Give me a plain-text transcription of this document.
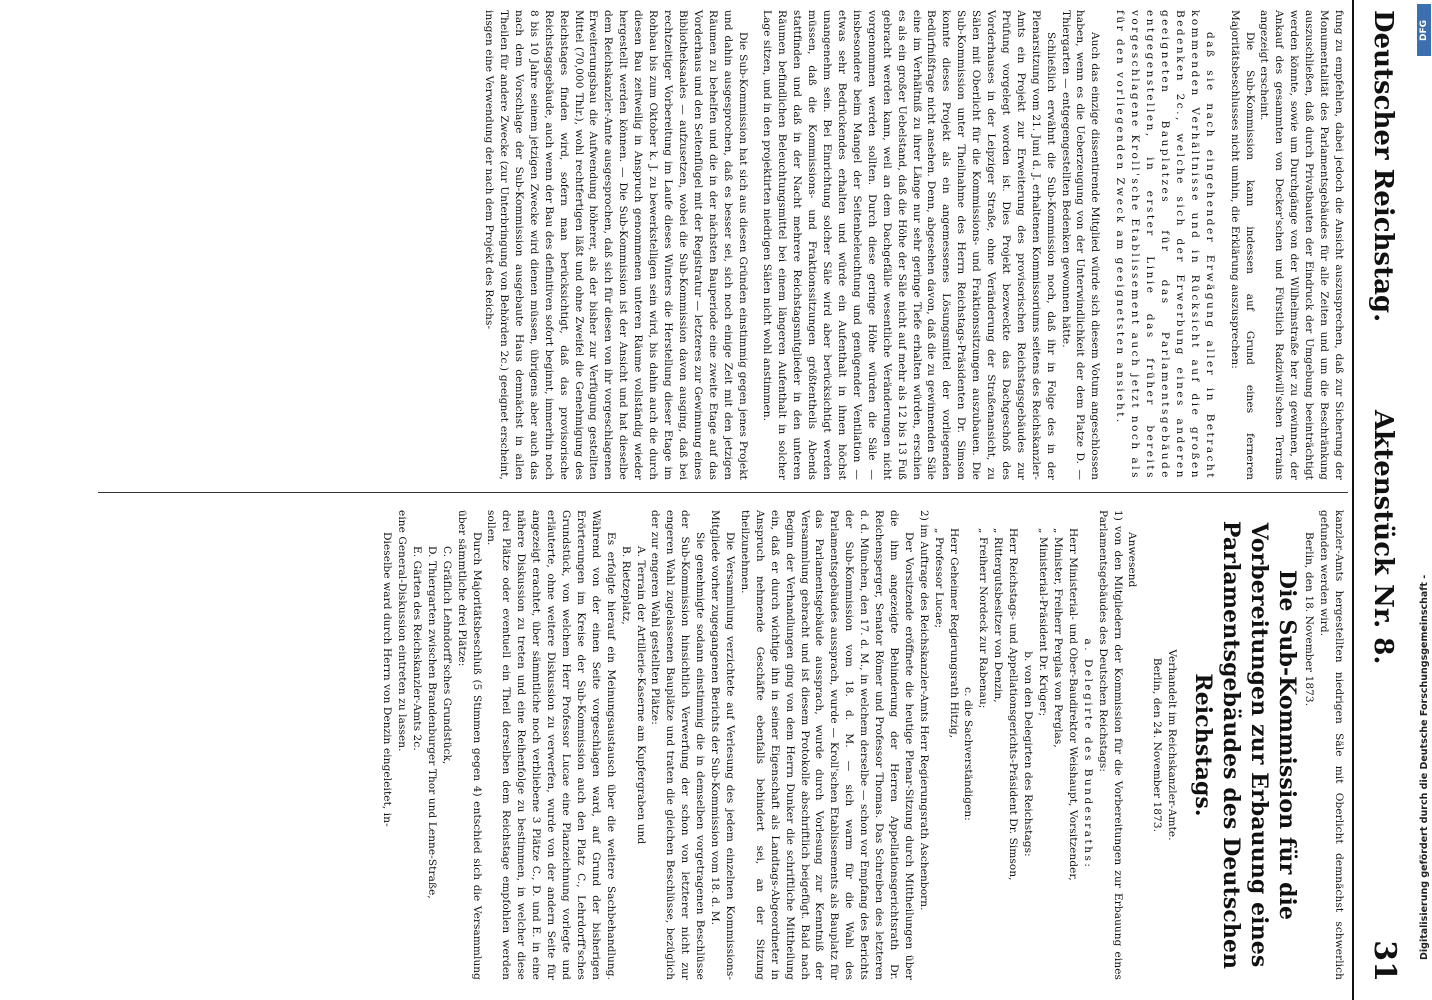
Deutscher Reichstag.
Aktenstück Nr. 8.
31

fung zu empfehlen, dabei jedoch die Ansicht auszusprechen, daß zur Sicherung der Monumentalität des Parlamentsgebäudes für alle Zeiten und um die Beschränkung auszuschließen, daß durch Privatbauten der Eindruck der Umgebung beeinträchtigt werden könnte, sowie um Durchgänge von der Wilhelmstraße her zu gewinnen, der Ankauf des gesammten von Decker'schen und Fürstlich Radziwill'schen Terrains angezeigt erscheint.

Die Sub-Kommission kann indessen auf Grund eines ferneren Majoritätsbeschlusses nicht umhin, die Erklärung auszusprechen:

daß sie nach eingehender Erwägung aller in Betracht kommenden Verhältnisse und in Rücksicht auf die großen Bedenken 2c., welche sich der Erwerbung eines anderen geeigneten Bauplatzes für das Parlamentsgebäude entgegenstellen, in erster Linie das früher bereits vorgeschlagene Kroll'sche Etablissement auch jetzt noch als für den vorliegenden Zweck am geeignetsten ansieht.

Auch das einzige dissentirende Mitglied würde sich diesem Votum angeschlossen haben, wenn es die Ueberzeugung von der Unterwindlichkeit der dem Platze D. — Thiergarten — entgegengestellten Bedenken gewonnen hätte.

Schließlich erwähnt die Sub-Kommission noch, daß ihr in Folge des in der Plenarsitzung vom 21. Juni d. J. erhaltenen Kommissoriums seitens des Reichskanzler-Amts ein Projekt zur Erweiterung des provisorischen Reichstagsgebäudes zur Prüfung vorgelegt worden ist. Dies Projekt bezweckte das Dachgeschoß des Vorderhauses in der Leipziger Straße, ohne Veränderung der Straßenansicht, zu Sälen mit Oberlicht für die Kommissions- und Fraktionssitzungen auszubauen. Die Sub-Kommission unter Theilnahme des Herrn Reichstags-Präsidenten Dr. Simson konnte dieses Projekt als ein angemessenes Lösungsmittel der vorliegenden Bedürfnißfrage nicht ansehen. Denn, abgesehen davon, daß die zu gewinnenden Säle eine im Verhältniß zu ihrer Länge nur sehr geringe Tiefe erhalten würden, erschien es als ein großer Uebelstand, daß die Höhe der Säle nicht auf mehr als 12 bis 13 Fuß gebracht werden kann, weil an dem Dachgefälle wesentliche Veränderungen nicht vorgenommen werden sollten. Durch diese geringe Höhe würden die Säle — insbesondere beim Mangel der Seitenbeleuchtung und genügender Ventilation — etwas sehr Bedrückendes erhalten und würde ein Aufenthalt in ihnen höchst unangenehm sein. Bei Einrichtung solcher Säle wird aber berücksichtigt werden müssen, daß die Kommissions- und Fraktionssitzungen größtentheils Abends stattfinden und daß in der Nacht mehrere Reichstagsmitglieder in den unteren Räumen befindlichen Beleuchtungsmittel bei einem längeren Aufenthalt in solcher Lage sitzen, und in den projektirten niedrigen Sälen nicht wohl anstimmen.

Die Sub-Kommission hat sich aus diesen Gründen einstimmig gegen jenes Projekt und dahin ausgesprochen, daß es besser sei, sich noch einige Zeit mit den jetzigen Räumen zu behelfen und die in der nächsten Bauperiode eine zweite Etage auf das Vorderhaus und den Seitenflügel mit der Registratur — letzteres zur Gewinnung eines Bibliotheksaales — aufzusetzen, wobei die Sub-Kommission davon ausging, daß bei rechtzeitiger Vorbereitung im Laufe dieses Winters die Herstellung dieser Etage im Rohbau bis zum Oktober k. J. zu bewerkstelligen sein wird, bis dahin auch die durch diesen Bau zeitweilig in Anspruch genommenen unteren Räume vollständig wieder hergestellt werden können. — Die Sub-Kommission ist der Ansicht und hat dieselbe dem Reichskanzler-Amte ausgesprochen, daß sich für diesen von ihr vorgeschlagenen Erweiterungsbau die Aufwendung höherer, als der bisher zur Verfügung gestellten Mittel (70,000 Thlr.), wohl rechtfertigen läßt und ohne Zweifel die Genehmigung des Reichstages finden wird, sofern man berücksichtigt, daß das provisorische Reichstagsgebäude, auch wenn der Bau des definitiven sofort beginnt, immerhin noch 8 bis 10 Jahre seinem jetzigen Zwecke wird dienen müssen, übrigens aber auch das nach dem Vorschlage der Sub-Kommission ausgebaute Haus demnächst in allen Theilen für andere Zwecke (zur Unterbringung von Behörden 2c.) geeignet erscheint, insgen eine Verwendung der nach dem Projekt des Reichs-

kanzler-Amts hergestellten niedrigen Säle mit Oberlicht demnächst schwerlich gefunden werden wird.

Berlin, den 18. November 1873.

Die Sub-Kommission für die Vorbereitungen zur Erbauung eines Parlamentsgebäudes des Deutschen Reichstags.

Verhandelt im Reichskanzler-Amte.

Berlin, den 24. November 1873.

Anwesend

1) von den Mitgliedern der Kommission für die Vorbereitungen zur Erbauung eines Parlamentsgebäudes des Deutschen Reichstags:

a. Delegirte des Bundesraths:

Herr Ministerial- und Ober-Baudirektor Weishaupt, Vorsitzender,

„ Minister, Freiherr Perglas von Perglas,

„ Ministerial-Präsident Dr. Krüger;

b. von den Delegirten des Reichstags:

Herr Reichstags- und Appellationsgerichts-Präsident Dr. Simson,

„ Rittergutsbesitzer von Denzin,

„ Freiherr Nordeck zur Rabenau;

c. die Sachverständigen:

Herr Geheimer Regierungsrath Hitzig,

„ Professor Lucae;

2) im Auftrage des Reichskanzler-Amts Herr Regierungsrath Aschenborn.

Der Vorsitzende eröffnete die heutige Plenar-Sitzung durch Mittheilungen über die ihm angezeigte Behinderung der Herren Appellationsgerichtsrath Dr. Reichensperger, Senator Römer und Professor Thomas. Das Schreiben des letzteren d. d. München, den 17. d. M., in welchem derselbe — schon vor Empfang des Berichts der Sub-Kommission vom 18. d. M. — sich warm für die Wahl des Parlamentsgebäudes aussprach, wurde — Kroll'schen Etablissements als Bauplatz für das Parlamentsgebäude aussprach, wurde durch Vorlesung zur Kenntniß der Versammlung gebracht und ist diesem Protokolle abschriftlich beigefügt. Bald nach Beginn der Verhandlungen ging von dem Herrn Dunker die schriftliche Mittheilung ein, daß er durch wichtige ihn in seiner Eigenschaft als Landtags-Abgeordneter in Anspruch nehmende Geschäfte ebenfalls behindert sei, an der Sitzung theilzunehmen.

Die Versammlung verzichtete auf Verlesung des jedem einzelnen Kommissions-Mitgliede vorher zugegangenen Berichts der Sub-Kommission vom 18. d. M.

Sie genehmigte sodann einstimmig die in demselben vorgetragenen Beschlüsse der Sub-Kommission hinsichtlich Verwerfung der schon von letzterer nicht zur engeren Wahl zugelassenen Bauplätze und traten die gleichen Beschlüsse, bezüglich der zur engeren Wahl gestellten Plätze:

A. Terrain der Artillerie-Kaserne am Kupfergraben und

B. Rietzeplatz,

Es erfolgte hierauf ein Meinungsaustausch über die weitere Sachbehandlung. Während von der einen Seite vorgeschlagen ward, auf Grund der bisherigen Erörterungen im Kreise der Sub-Kommission auch den Platz C., Lehrdorff'sches Grundstück, von welchem Herr Professor Lucae eine Planzeichnung vorlegte und erläuterte, ohne weitere Diskussion zu verwerfen, wurde von der andern Seite für angezeigt erachtet, über sämmtliche noch verbliebene 3 Plätze C., D. und E. in eine nähere Diskussion zu treten und eine Reihenfolge zu bestimmen, in welcher diese drei Plätze oder eventuell ein Theil derselben dem Reichstage empfohlen werden sollen.

Durch Majoritätsbeschluß (5 Stimmen gegen 4) entschied sich die Versammlung über sämmtliche drei Plätze:

C. Gräflich Lehndorff'sches Grundstück,

D. Thiergarten zwischen Brandenburger Thor und Lenne-Straße,

E. Gärten des Reichskanzler-Amts 2c.

eine General-Diskussion eintreten zu lassen.

Dieselbe ward durch Herrn von Denzin eingeleitet, in-

DFG
Digitalisierung gefördert durch die Deutsche Forschungsgemeinschaft -
